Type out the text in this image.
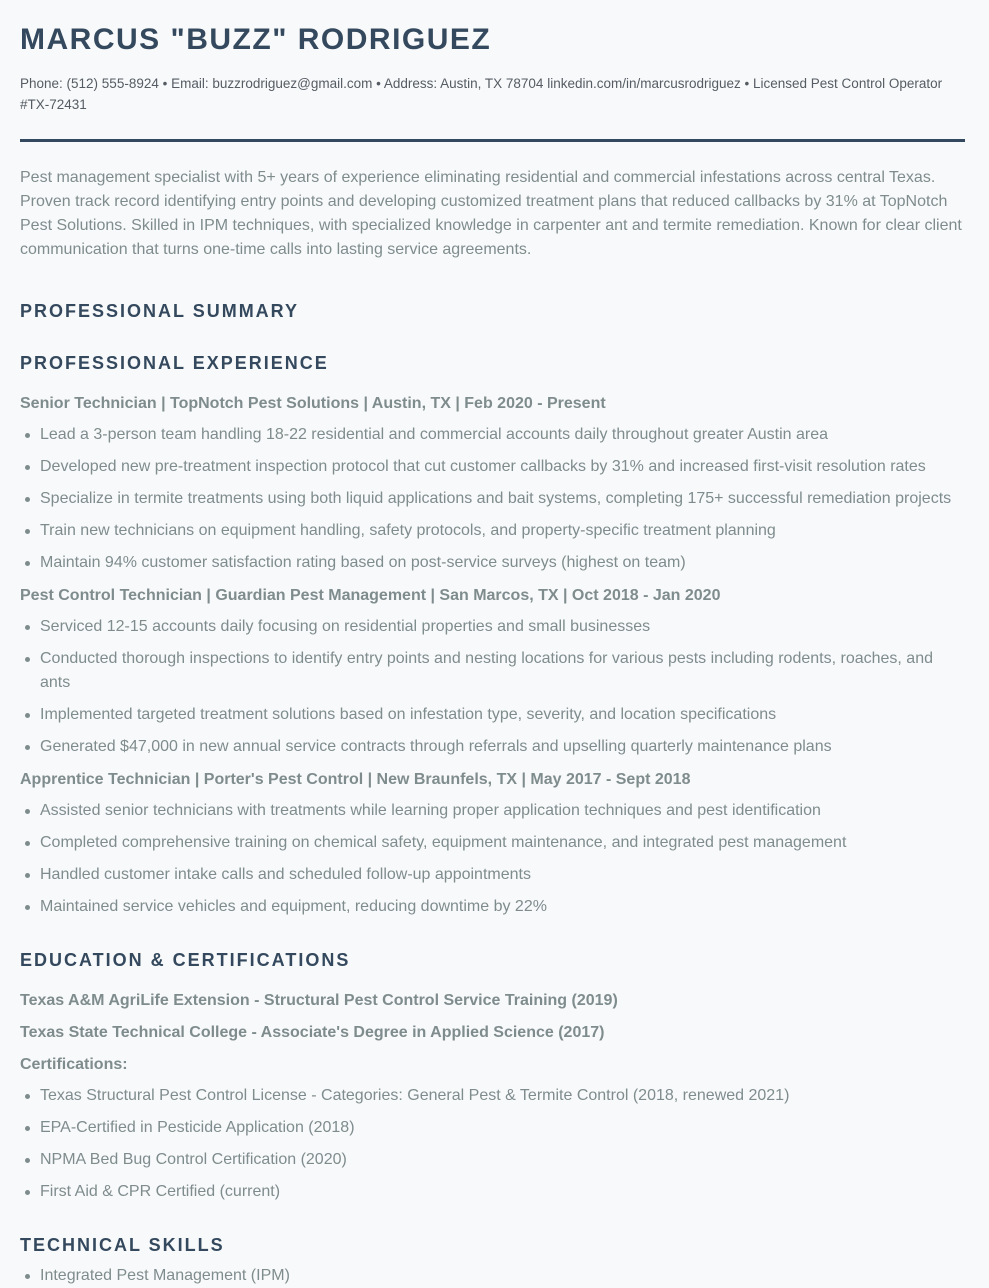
MARCUS "BUZZ" RODRIGUEZ
Phone: (512) 555-8924 • Email: buzzrodriguez@gmail.com • Address: Austin, TX 78704 linkedin.com/in/marcusrodriguez • Licensed Pest Control Operator #TX-72431

Pest management specialist with 5+ years of experience eliminating residential and commercial infestations across central Texas. Proven track record identifying entry points and developing customized treatment plans that reduced callbacks by 31% at TopNotch Pest Solutions. Skilled in IPM techniques, with specialized knowledge in carpenter ant and termite remediation. Known for clear client communication that turns one-time calls into lasting service agreements.

PROFESSIONAL SUMMARY
PROFESSIONAL EXPERIENCE
Senior Technician | TopNotch Pest Solutions | Austin, TX | Feb 2020 - Present
Lead a 3-person team handling 18-22 residential and commercial accounts daily throughout greater Austin area
Developed new pre-treatment inspection protocol that cut customer callbacks by 31% and increased first-visit resolution rates
Specialize in termite treatments using both liquid applications and bait systems, completing 175+ successful remediation projects
Train new technicians on equipment handling, safety protocols, and property-specific treatment planning
Maintain 94% customer satisfaction rating based on post-service surveys (highest on team)
Pest Control Technician | Guardian Pest Management | San Marcos, TX | Oct 2018 - Jan 2020
Serviced 12-15 accounts daily focusing on residential properties and small businesses
Conducted thorough inspections to identify entry points and nesting locations for various pests including rodents, roaches, and ants
Implemented targeted treatment solutions based on infestation type, severity, and location specifications
Generated $47,000 in new annual service contracts through referrals and upselling quarterly maintenance plans
Apprentice Technician | Porter's Pest Control | New Braunfels, TX | May 2017 - Sept 2018
Assisted senior technicians with treatments while learning proper application techniques and pest identification
Completed comprehensive training on chemical safety, equipment maintenance, and integrated pest management
Handled customer intake calls and scheduled follow-up appointments
Maintained service vehicles and equipment, reducing downtime by 22%
EDUCATION & CERTIFICATIONS
Texas A&M AgriLife Extension - Structural Pest Control Service Training (2019)
Texas State Technical College - Associate's Degree in Applied Science (2017)
Certifications:
Texas Structural Pest Control License - Categories: General Pest & Termite Control (2018, renewed 2021)
EPA-Certified in Pesticide Application (2018)
NPMA Bed Bug Control Certification (2020)
First Aid & CPR Certified (current)
TECHNICAL SKILLS
Integrated Pest Management (IPM)
